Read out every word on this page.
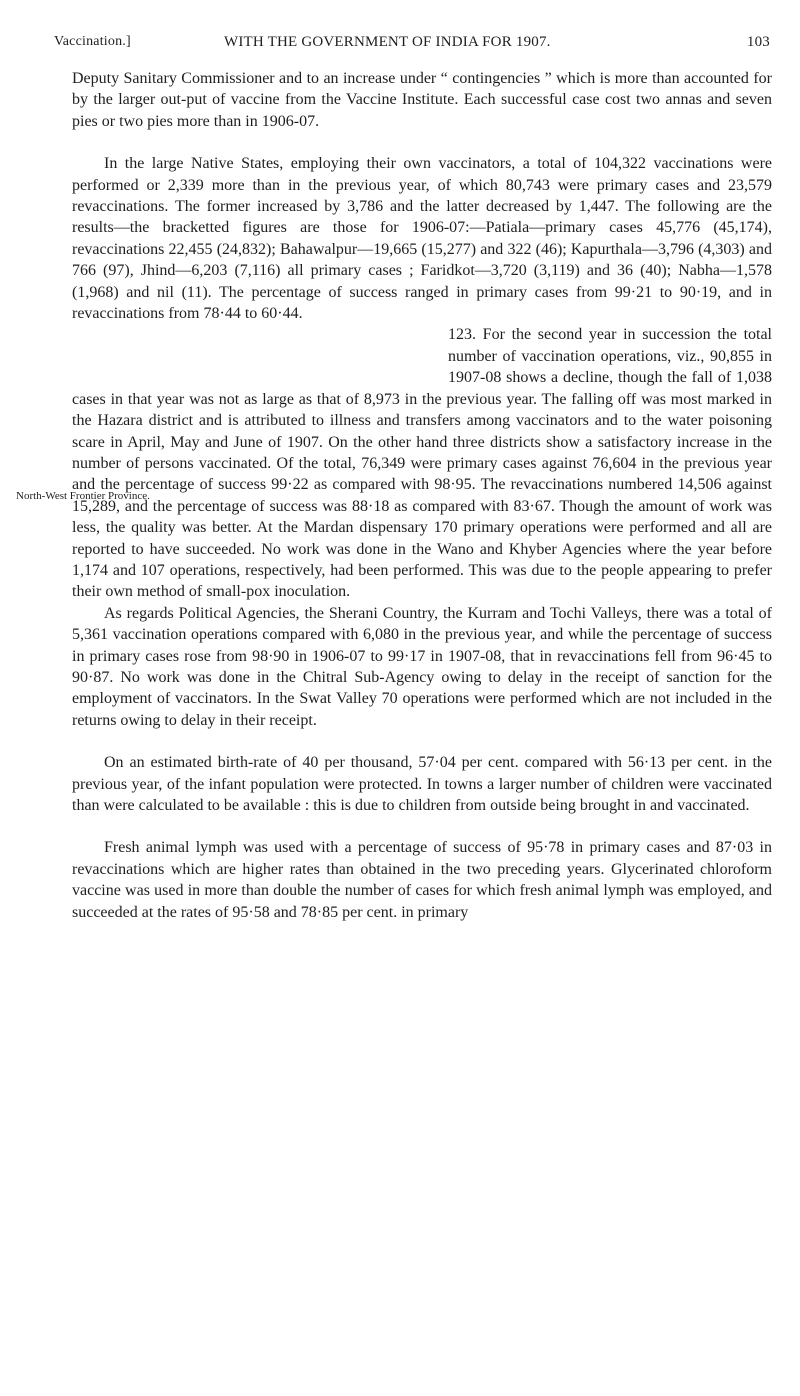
Vaccination.]	WITH THE GOVERNMENT OF INDIA FOR 1907.	103
North-West Frontier Province.

Deputy Sanitary Commissioner and to an increase under “ contingencies ” which is more than accounted for by the larger out-put of vaccine from the Vaccine Institute. Each successful case cost two annas and seven pies or two pies more than in 1906-07.

In the large Native States, employing their own vaccinators, a total of 104,322 vaccinations were performed or 2,339 more than in the previous year, of which 80,743 were primary cases and 23,579 revaccinations. The former increased by 3,786 and the latter decreased by 1,447. The following are the results—the bracketted figures are those for 1906-07:—Patiala—primary cases 45,776 (45,174), revaccinations 22,455 (24,832); Bahawalpur—19,665 (15,277) and 322 (46); Kapurthala—3,796 (4,303) and 766 (97), Jhind—6,203 (7,116) all primary cases ; Faridkot—3,720 (3,119) and 36 (40); Nabha—1,578 (1,968) and nil (11). The percentage of success ranged in primary cases from 99·21 to 90·19, and in revaccinations from 78·44 to 60·44.

123. For the second year in succession the total number of vaccination operations, viz., 90,855 in 1907-08 shows a decline, though the fall of 1,038 cases in that year was not as large as that of 8,973 in the previous year. The falling off was most marked in the Hazara district and is attributed to illness and transfers among vaccinators and to the water poisoning scare in April, May and June of 1907. On the other hand three districts show a satisfactory increase in the number of persons vaccinated. Of the total, 76,349 were primary cases against 76,604 in the previous year and the percentage of success 99·22 as compared with 98·95. The revaccinations numbered 14,506 against 15,289, and the percentage of success was 88·18 as compared with 83·67. Though the amount of work was less, the quality was better. At the Mardan dispensary 170 primary operations were performed and all are reported to have succeeded. No work was done in the Wano and Khyber Agencies where the year before 1,174 and 107 operations, respectively, had been performed. This was due to the people appearing to prefer their own method of small-pox inoculation.

As regards Political Agencies, the Sherani Country, the Kurram and Tochi Valleys, there was a total of 5,361 vaccination operations compared with 6,080 in the previous year, and while the percentage of success in primary cases rose from 98·90 in 1906-07 to 99·17 in 1907-08, that in revaccinations fell from 96·45 to 90·87. No work was done in the Chitral Sub-Agency owing to delay in the receipt of sanction for the employment of vaccinators. In the Swat Valley 70 operations were performed which are not included in the returns owing to delay in their receipt.

On an estimated birth-rate of 40 per thousand, 57·04 per cent. compared with 56·13 per cent. in the previous year, of the infant population were protected. In towns a larger number of children were vaccinated than were calculated to be available : this is due to children from outside being brought in and vaccinated.

Fresh animal lymph was used with a percentage of success of 95·78 in primary cases and 87·03 in revaccinations which are higher rates than obtained in the two preceding years. Glycerinated chloroform vaccine was used in more than double the number of cases for which fresh animal lymph was employed, and succeeded at the rates of 95·58 and 78·85 per cent. in primary
